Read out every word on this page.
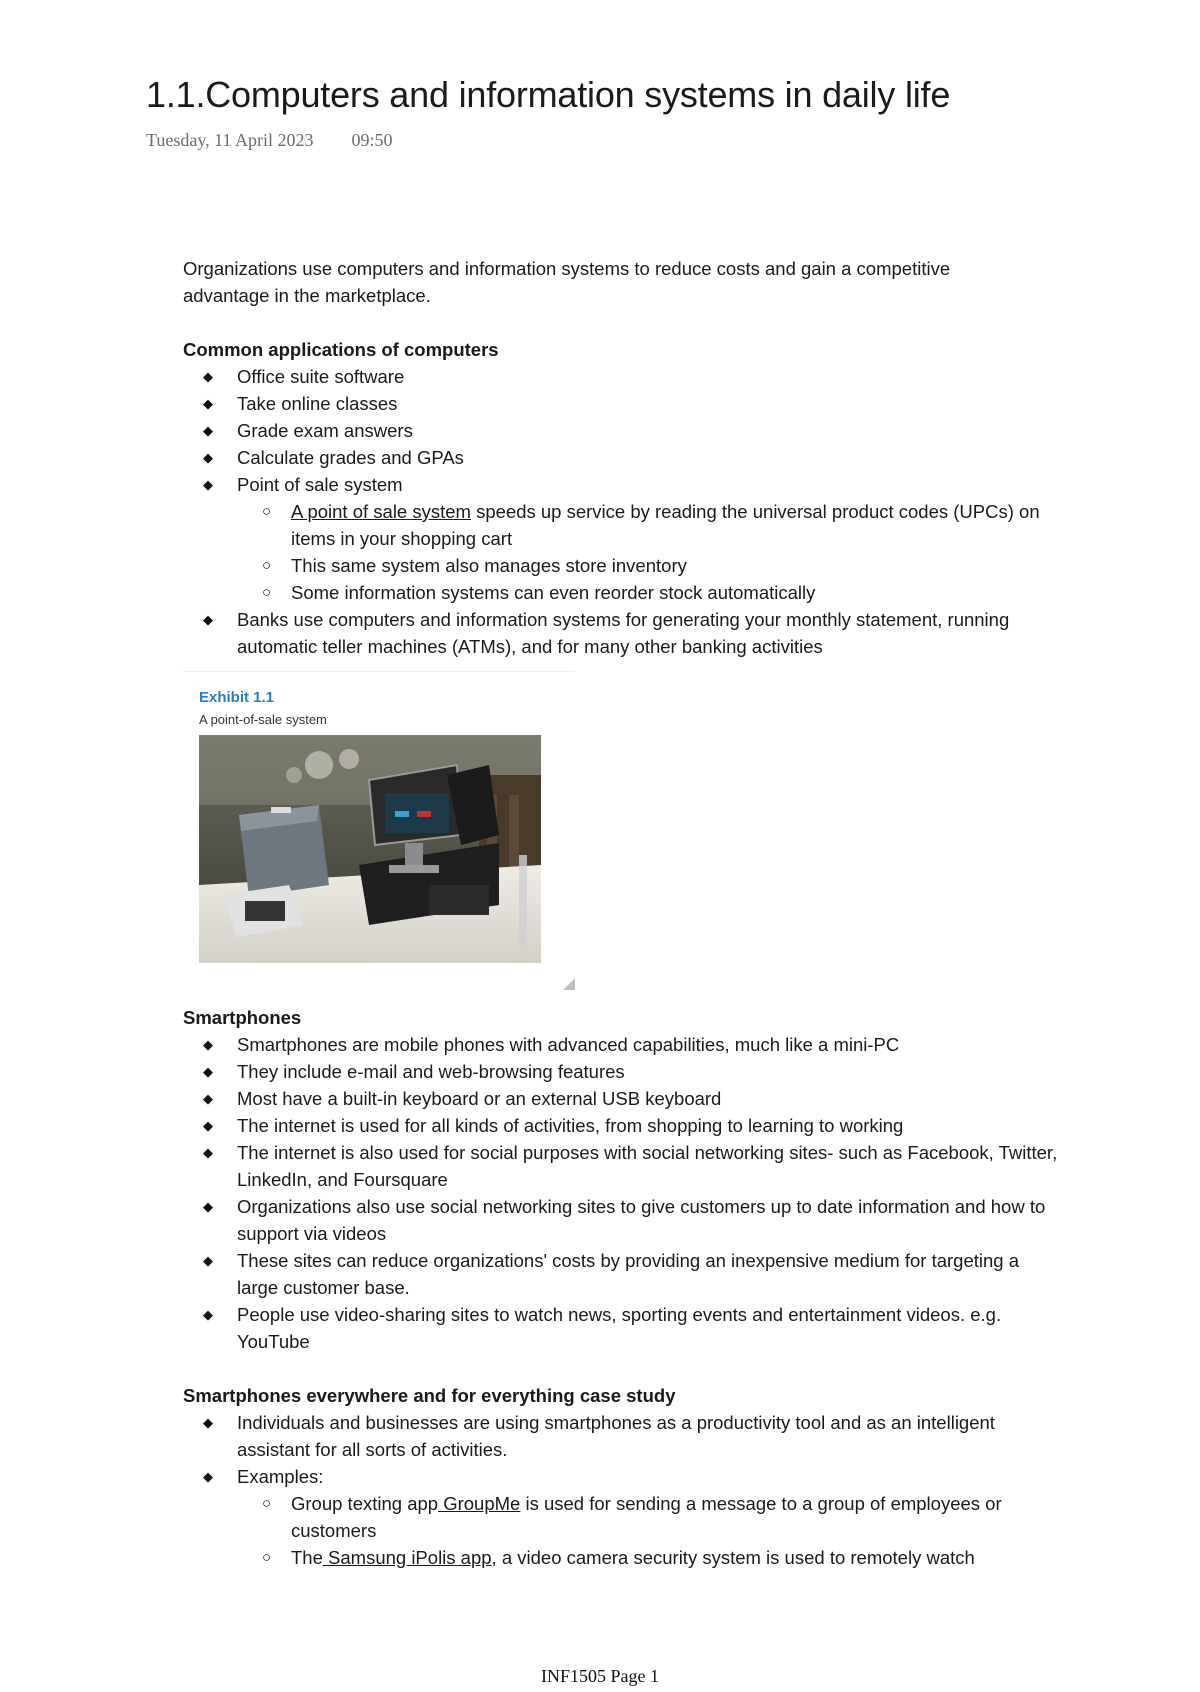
1.1.Computers and information systems in daily life
Tuesday, 11 April 2023 09:50

Organizations use computers and information systems to reduce costs and gain a competitive
advantage in the marketplace.

Common applications of computers

◆ Office suite software
◆ Take online classes
◆ Grade exam answers
◆ Calculate grades and GPAs
◆ Point of sale system
○ A point of sale system speeds up service by reading the universal product codes (UPCs) on items in your shopping cart
○ This same system also manages store inventory
○ Some information systems can even reorder stock automatically
◆ Banks use computers and information systems for generating your monthly statement, running automatic teller machines (ATMs), and for many other banking activities
Exhibit 1.1
A point-of-sale system

Smartphones

◆ Smartphones are mobile phones with advanced capabilities, much like a mini-PC
◆ They include e-mail and web-browsing features
◆ Most have a built-in keyboard or an external USB keyboard
◆ The internet is used for all kinds of activities, from shopping to learning to working
◆ The internet is also used for social purposes with social networking sites- such as Facebook, Twitter, LinkedIn, and Foursquare
◆ Organizations also use social networking sites to give customers up to date information and how to support via videos
◆ These sites can reduce organizations' costs by providing an inexpensive medium for targeting a large customer base.
◆ People use video-sharing sites to watch news, sporting events and entertainment videos. e.g. YouTube

Smartphones everywhere and for everything case study

◆ Individuals and businesses are using smartphones as a productivity tool and as an intelligent assistant for all sorts of activities.
◆ Examples:
○ Group texting app GroupMe is used for sending a message to a group of employees or customers
○ The Samsung iPolis app, a video camera security system is used to remotely watch
INF1505 Page 1
